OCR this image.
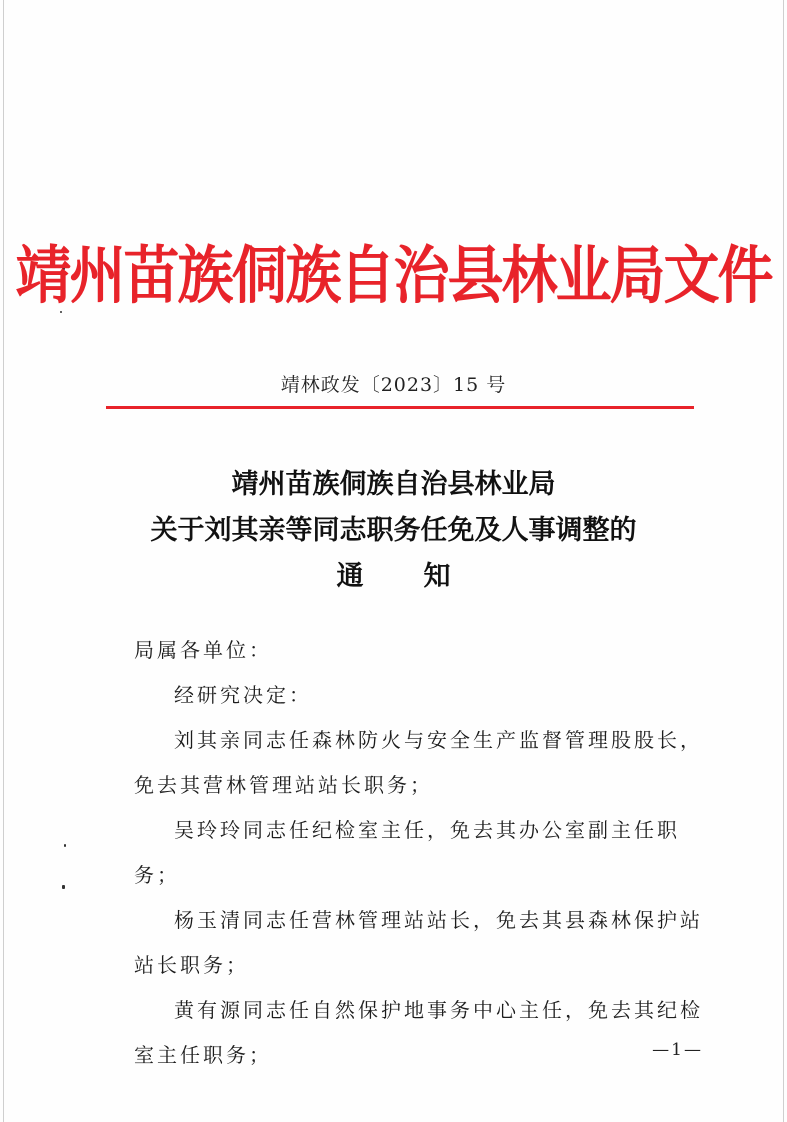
靖州苗族侗族自治县林业局文件
靖林政发〔2023〕15 号
靖州苗族侗族自治县林业局
关于刘其亲等同志职务任免及人事调整的
通知

局属各单位：

经研究决定：

刘其亲同志任森林防火与安全生产监督管理股股长，免去其营林管理站站长职务；

吴玲玲同志任纪检室主任，免去其办公室副主任职务；

杨玉清同志任营林管理站站长，免去其县森林保护站站长职务；

黄有源同志任自然保护地事务中心主任，免去其纪检室主任职务；	—1—
